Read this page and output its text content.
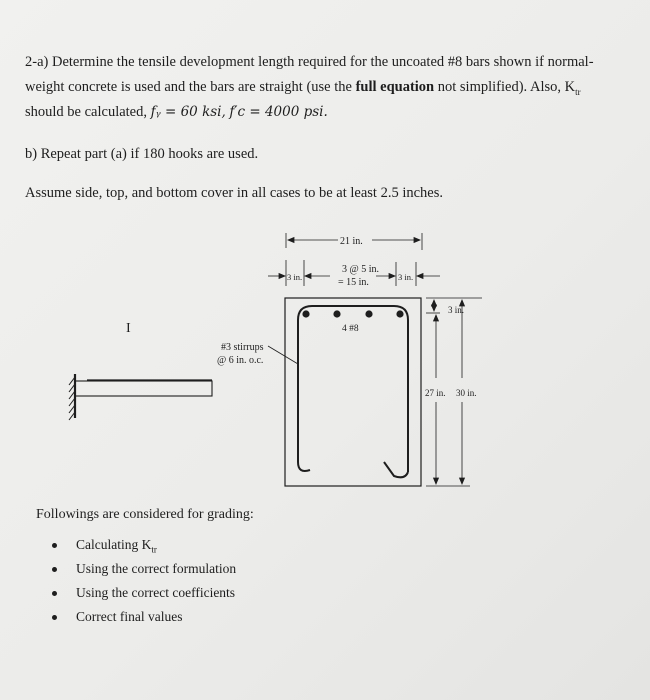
2-a) Determine the tensile development length required for the uncoated #8 bars shown if normal-

weight concrete is used and the bars are straight (use the full equation not simplified). Also, $K_{tr}$

should be calculated, fᵧ = 60 ksi, f′c = 4000 psi.

b) Repeat part (a) if 180 hooks are used.

Assume side, top, and bottom cover in all cases to be at least 2.5 inches.

I
#3 stirrups
@ 6 in. o.c.
21 in.
3 in.	3 in.
3 @ 5 in.
= 15 in.
4 #8
3 in.
27 in. 30 in.

Followings are considered for grading:

Calculating $K_{tr}$
Using the correct formulation
Using the correct coefficients
Correct final values
